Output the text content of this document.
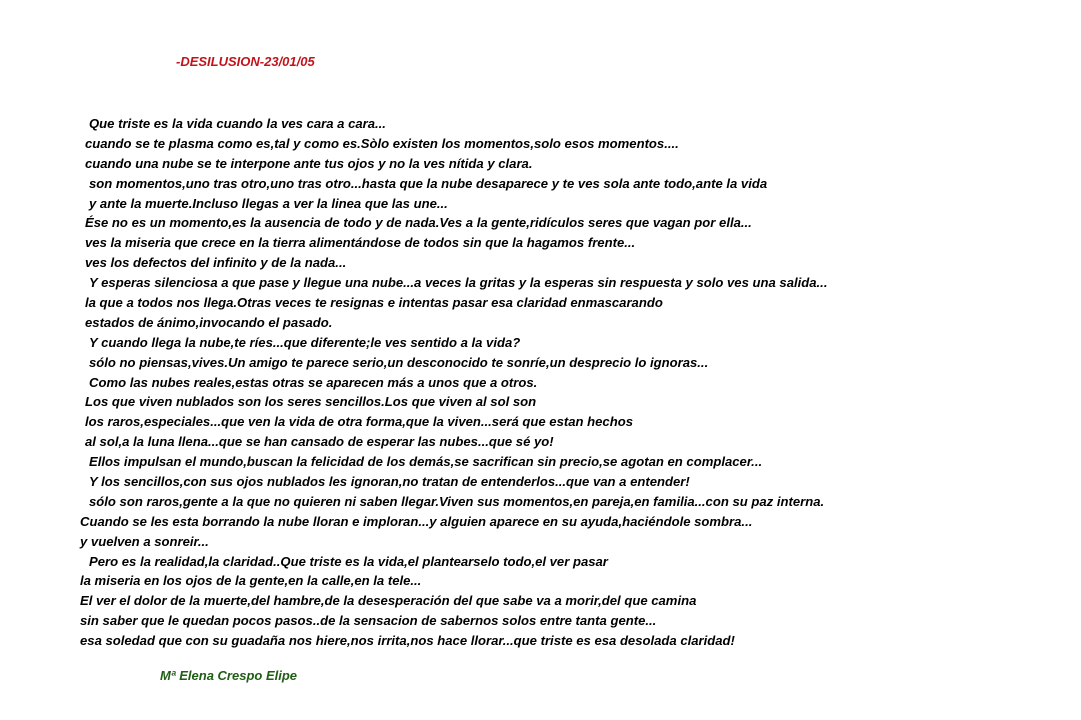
-DESILUSION-23/01/05
Que triste es la vida cuando la ves cara a cara...
cuando se te plasma como es,tal y como es.Sòlo existen los momentos,solo esos momentos....
cuando una nube se te interpone ante tus ojos y no la ves nítida y clara.
son momentos,uno tras otro,uno tras otro...hasta que la nube desaparece y te ves sola ante todo,ante la vida
y ante la muerte.Incluso llegas a ver la linea que las une...
Ése no es un momento,es la ausencia de todo y de nada.Ves a la gente,ridículos seres que vagan por ella...
ves la miseria que crece en la tierra alimentándose de todos sin que la hagamos frente...
ves los defectos del infinito y de la nada...
Y esperas silenciosa a que pase y llegue una nube...a veces la gritas y la esperas sin respuesta y solo ves una salida...
la que a todos nos llega.Otras veces te resignas e intentas pasar esa claridad enmascarando
estados de ánimo,invocando el pasado.
Y cuando llega la nube,te ríes...que diferente;le ves sentido a la vida?
sólo no piensas,vives.Un amigo te parece serio,un desconocido te sonríe,un desprecio lo ignoras...
Como las nubes reales,estas otras se aparecen más a unos que a otros.
Los que viven nublados son los seres sencillos.Los que viven al sol son
los raros,especiales...que ven la vida de otra forma,que la viven...será que estan hechos
al sol,a la luna llena...que se han cansado de esperar las nubes...que sé yo!
Ellos impulsan el mundo,buscan la felicidad de los demás,se sacrifican sin precio,se agotan en complacer...
Y los sencillos,con sus ojos nublados les ignoran,no tratan de entenderlos...que van a entender!
sólo son raros,gente a la que no quieren ni saben llegar.Viven sus momentos,en pareja,en familia...con su paz interna.
Cuando se les esta borrando la nube lloran e imploran...y alguien aparece en su ayuda,haciéndole sombra...
y vuelven a sonreir...
Pero es la realidad,la claridad..Que triste es la vida,el plantearselo todo,el ver pasar
la miseria en los ojos de la gente,en la calle,en la tele...
El ver el dolor de la muerte,del hambre,de la desesperación del que sabe va a morir,del que camina
sin saber que le quedan pocos pasos..de la sensacion de sabernos solos entre tanta gente...
esa soledad que con su guadaña nos hiere,nos irrita,nos hace llorar...que triste es esa desolada claridad!
Mª Elena Crespo Elipe
